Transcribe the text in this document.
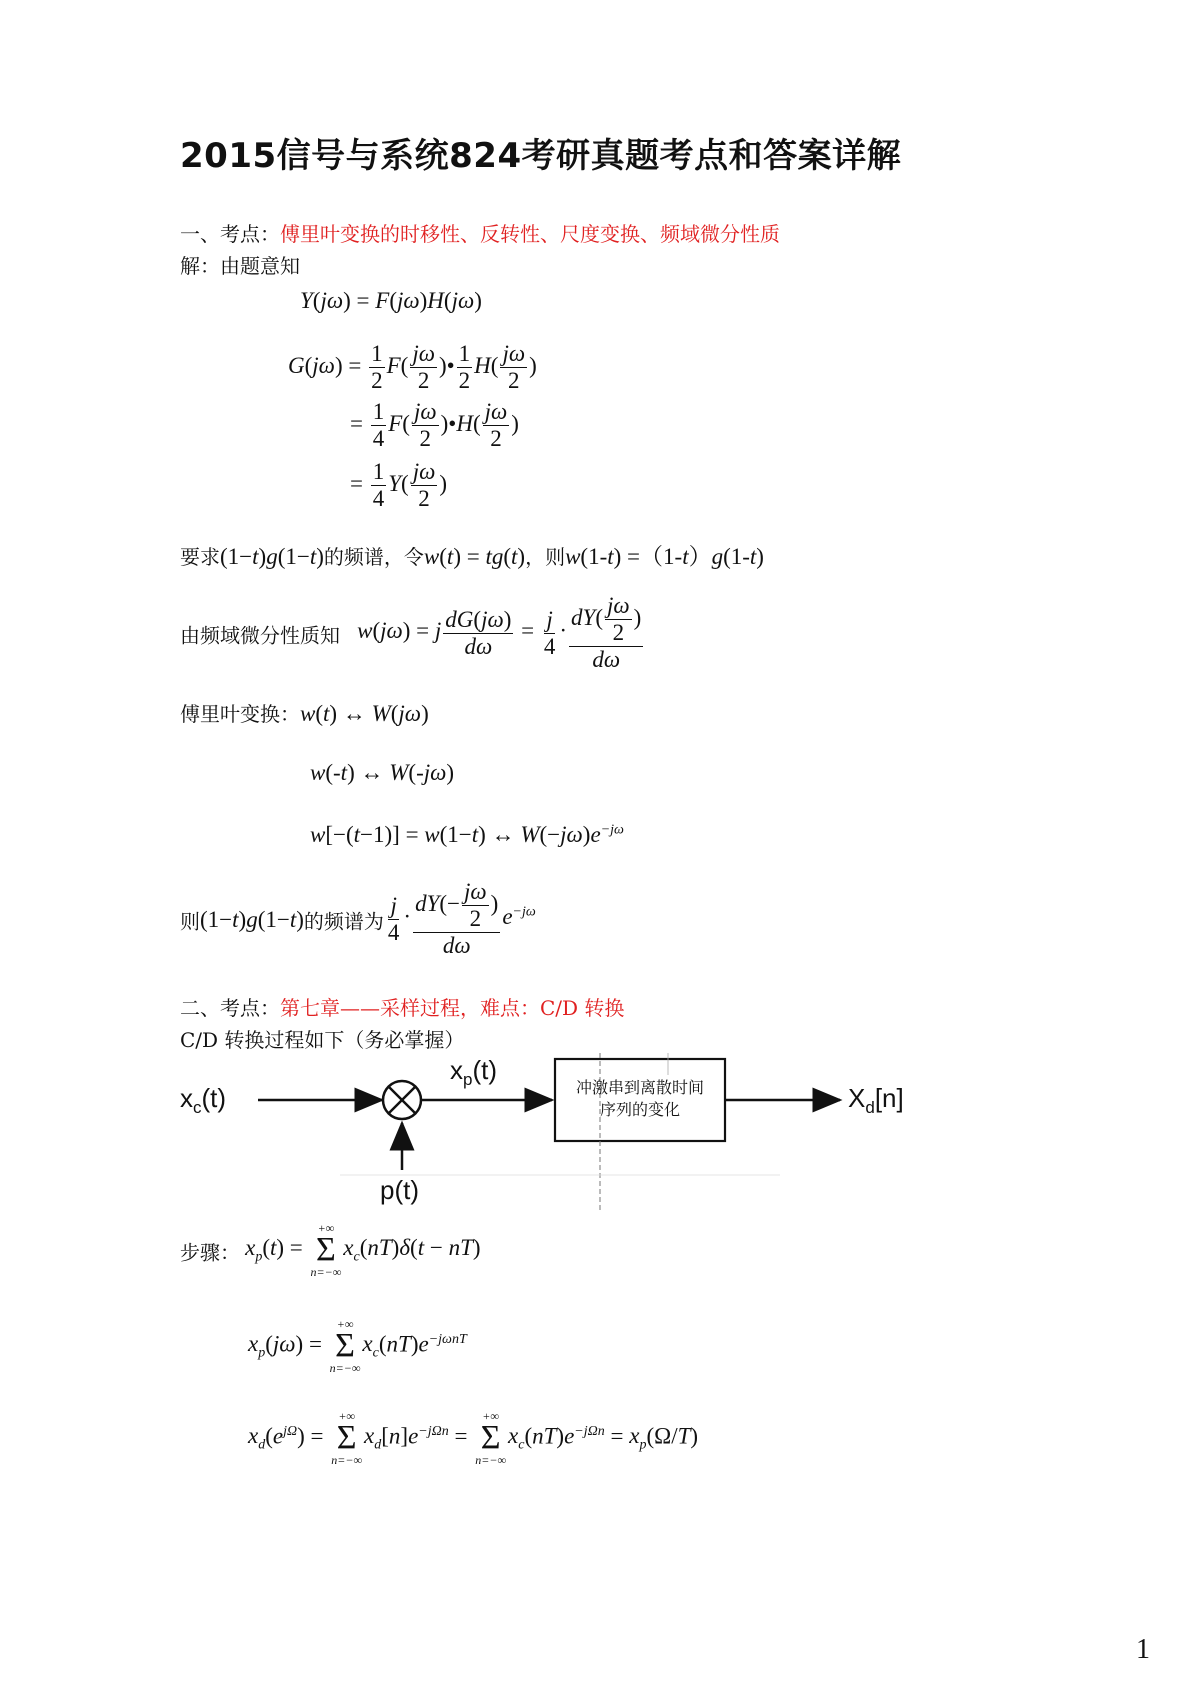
2015信号与系统824考研真题考点和答案详解
一、考点：傅里叶变换的时移性、反转性、尺度变换、频域微分性质
解：由题意知
Y(jω) = F(jω)H(jω)
$G(j\omega) = \frac{1}{2} F( \frac{j\omega}{2}$ )• $\frac{1}{2} H( \frac{j\omega}{2}$ )
= $\frac{1}{4} F( \frac{j\omega}{2}$ )•H( $\frac{j\omega}{2}$ )
= $\frac{1}{4} Y( \frac{j\omega}{2}$ )
要求(1−t)g(1−t)的频谱，令w(t) = tg(t)，则w(1-t) =（1-t）g(1-t)
由频域微分性质知 w(jω) = j $\frac{dG(j\omega)}{d\omega} = \frac{j}{4} \cdot \frac{dY( \frac{j\omega}{2} )}{d\omega}$
傅里叶变换：w(t) ↔ W(jω)
w(-t) ↔ W(-jω)
w[−(t−1)] = w(1−t) ↔ $W(-j\omega)e^{-j\omega}$
则(1−t)g(1−t)的频谱为 $\frac{j}{4} \cdot \frac{dY(- \frac{j\omega}{2} )}{d\omega} e^{-j\omega}$
二、考点：第七章——采样过程，难点：C/D 转换
C/D 转换过程如下（务必掌握）
$x_c(t)$
$x_p(t)$
p(t)
冲激串到离散时间
序列的变化	$X_d[n]$
步骤： $x_p(t)$ =
+∞
Σ
n=−∞
$x_c(nT)\delta(t - nT)$
$x_p(j\omega)$ =
+∞
Σ
n=−∞
$x_c(nT)e^{-j\omega nT}$
$x_d(e^{j\Omega})$ =
+∞
Σ
n=−∞
$x_d[n]e^{-j\Omega n}$ =
+∞
Σ
n=−∞
$x_c(nT)e^{-j\Omega n} = x_p(\Omega/T)$
1
